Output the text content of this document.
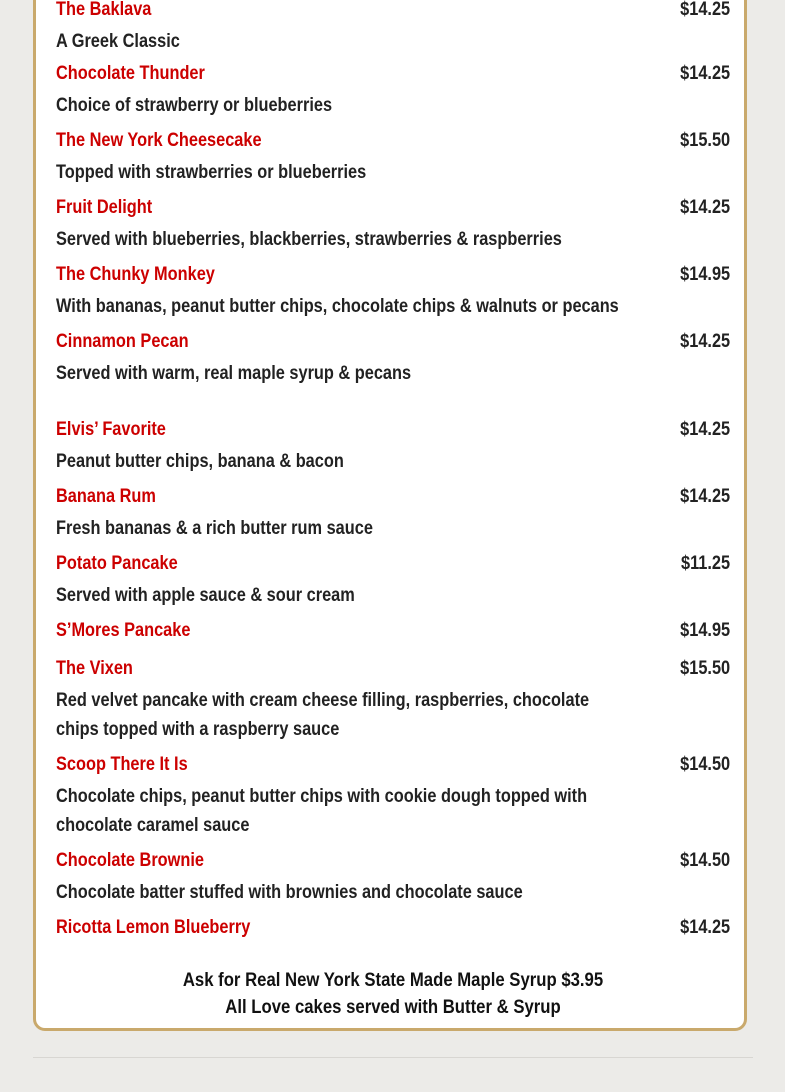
The Baklava	$14.25
A Greek Classic
Chocolate Thunder	$14.25
Choice of strawberry or blueberries
The New York Cheesecake	$15.50
Topped with strawberries or blueberries
Fruit Delight	$14.25
Served with blueberries, blackberries, strawberries & raspberries
The Chunky Monkey	$14.95
With bananas, peanut butter chips, chocolate chips & walnuts or pecans
Cinnamon Pecan	$14.25
Served with warm, real maple syrup & pecans
Elvis’ Favorite	$14.25
Peanut butter chips, banana & bacon
Banana Rum	$14.25
Fresh bananas & a rich butter rum sauce
Potato Pancake	$11.25
Served with apple sauce & sour cream
S’Mores Pancake	$14.95
The Vixen	$15.50
Red velvet pancake with cream cheese filling, raspberries, chocolate chips topped with a raspberry sauce
Scoop There It Is	$14.50
Chocolate chips, peanut butter chips with cookie dough topped with chocolate caramel sauce
Chocolate Brownie	$14.50
Chocolate batter stuffed with brownies and chocolate sauce
Ricotta Lemon Blueberry	$14.25
Ask for Real New York State Made Maple Syrup $3.95
All Love cakes served with Butter & Syrup
